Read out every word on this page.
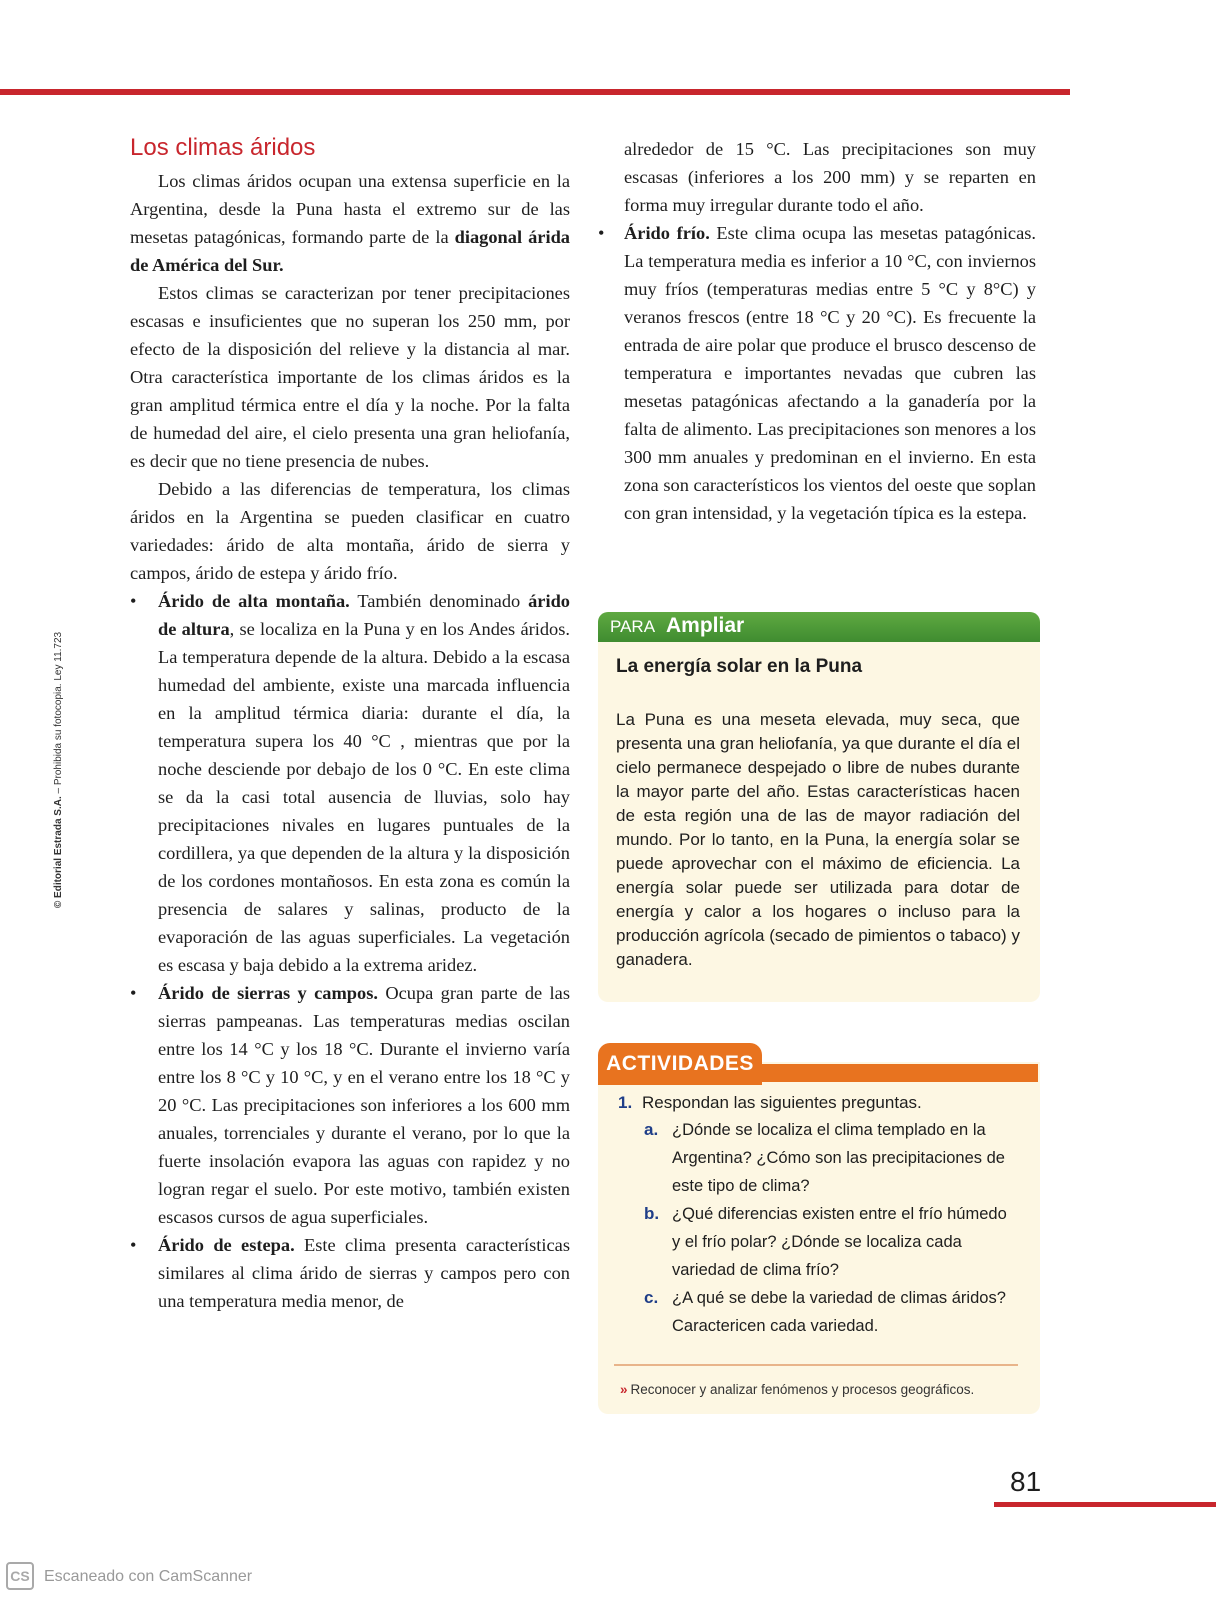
© Editorial Estrada S.A. – Prohibida su fotocopia. Ley 11.723
Los climas áridos

Los climas áridos ocupan una extensa superficie en la Argentina, desde la Puna hasta el extremo sur de las mesetas patagónicas, formando parte de la diagonal árida de América del Sur.

Estos climas se caracterizan por tener precipitaciones escasas e insuficientes que no superan los 250 mm, por efecto de la disposición del relieve y la distancia al mar. Otra característica importante de los climas áridos es la gran amplitud térmica entre el día y la noche. Por la falta de humedad del aire, el cielo presenta una gran heliofanía, es decir que no tiene presencia de nubes.

Debido a las diferencias de temperatura, los climas áridos en la Argentina se pueden clasificar en cuatro variedades: árido de alta montaña, árido de sierra y campos, árido de estepa y árido frío.

• Árido de alta montaña. También denominado árido de altura, se localiza en la Puna y en los Andes áridos. La temperatura depende de la altura. Debido a la escasa humedad del ambiente, existe una marcada influencia en la amplitud térmica diaria: durante el día, la temperatura supera los 40 °C , mientras que por la noche desciende por debajo de los 0 °C. En este clima se da la casi total ausencia de lluvias, solo hay precipitaciones nivales en lugares puntuales de la cordillera, ya que dependen de la altura y la disposición de los cordones montañosos. En esta zona es común la presencia de salares y salinas, producto de la evaporación de las aguas superficiales. La vegetación es escasa y baja debido a la extrema aridez.
• Árido de sierras y campos. Ocupa gran parte de las sierras pampeanas. Las temperaturas medias oscilan entre los 14 °C y los 18 °C. Durante el invierno varía entre los 8 °C y 10 °C, y en el verano entre los 18 °C y 20 °C. Las precipitaciones son inferiores a los 600 mm anuales, torrenciales y durante el verano, por lo que la fuerte insolación evapora las aguas con rapidez y no logran regar el suelo. Por este motivo, también existen escasos cursos de agua superficiales.
• Árido de estepa. Este clima presenta características similares al clima árido de sierras y campos pero con una temperatura media menor, de

alrededor de 15 °C. Las precipitaciones son muy escasas (inferiores a los 200 mm) y se reparten en forma muy irregular durante todo el año.

• Árido frío. Este clima ocupa las mesetas patagónicas. La temperatura media es inferior a 10 °C, con inviernos muy fríos (temperaturas medias entre 5 °C y 8°C) y veranos frescos (entre 18 °C y 20 °C). Es frecuente la entrada de aire polar que produce el brusco descenso de temperatura e importantes nevadas que cubren las mesetas patagónicas afectando a la ganadería por la falta de alimento. Las precipitaciones son menores a los 300 mm anuales y predominan en el invierno. En esta zona son característicos los vientos del oeste que soplan con gran intensidad, y la vegetación típica es la estepa.
PARA Ampliar
La energía solar en la Puna
La Puna es una meseta elevada, muy seca, que presenta una gran heliofanía, ya que durante el día el cielo permanece despejado o libre de nubes durante la mayor parte del año. Estas características hacen de esta región una de las de mayor radiación del mundo. Por lo tanto, en la Puna, la energía solar se puede aprovechar con el máximo de eficiencia. La energía solar puede ser utilizada para dotar de energía y calor a los hogares o incluso para la producción agrícola (secado de pimientos o tabaco) y ganadera.
ACTIVIDADES
1. Respondan las siguientes preguntas.
a. ¿Dónde se localiza el clima templado en la Argentina? ¿Cómo son las precipitaciones de este tipo de clima?
b. ¿Qué diferencias existen entre el frío húmedo y el frío polar? ¿Dónde se localiza cada variedad de clima frío?
c. ¿A qué se debe la variedad de climas áridos? Caractericen cada variedad.
» Reconocer y analizar fenómenos y procesos geográficos.
81
CS Escaneado con CamScanner
